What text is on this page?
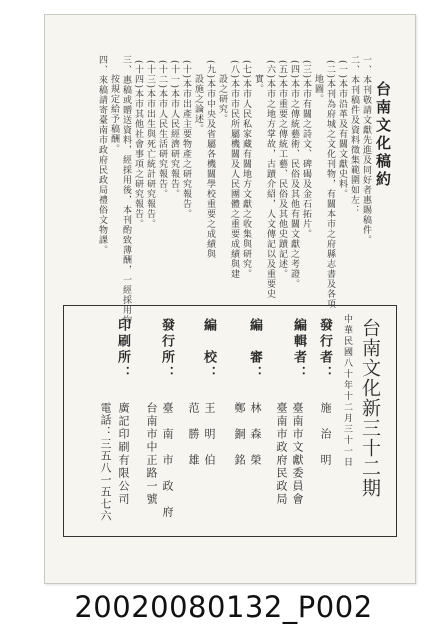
台南文化稿約
一、本刊敬請文獻先進及同好者惠賜稿件。
二、本刊稿件及資料徵集範圍如左：
(一)本市沿革及有關文獻史料。
(二)本刊為府城之文化刊物，有關本市之府縣志書及各項
地圖。
(三)本市有關之詩文、碑碣及金石拓片。
(四)本市之傳統藝術、民俗及其他有關文獻之考證。
(五)本市重要之傳統工藝、民俗及其他史蹟記述。
(六)本市之地方掌故，古蹟介紹，人文傳記以及重要史
實。
(七)本市人民私家藏有關地方文獻之收集與研究。
(八)本市市民所屬機關及人民團體之重要成績與建
設之研究。
(九)本市中央及省屬各機關學校重要之成績與
設施之論述。
(十)本市出產主要物產之研究報告。
(十一)本市人民經濟研究報告。
(十二)本市人民生活研究報告。
(十三)本市出生與死亡統計研究報告。
(十四)本市其他社會事項之研究報告。
三、惠稿或贈送資料，經採用後，本刊酌致薄酬，一經採用均
按規定給予稿酬。
四、來稿請寄臺南市政府民政局禮俗文物課。
台南文化新三十二期
中華民國八十年十二月三十一日
發行者：
施　治　明
編輯者：
臺南市文獻委員會
臺南市政府民政局
編　審：
林　森　榮
鄭　銅　銘
編　校：
王　明　伯
范　勝　雄
發行所：
臺　南　市　政　府
台南市中正路一號
印刷所：
廣記印刷有限公司
電話：三五八一五七六
20020080132_P002
